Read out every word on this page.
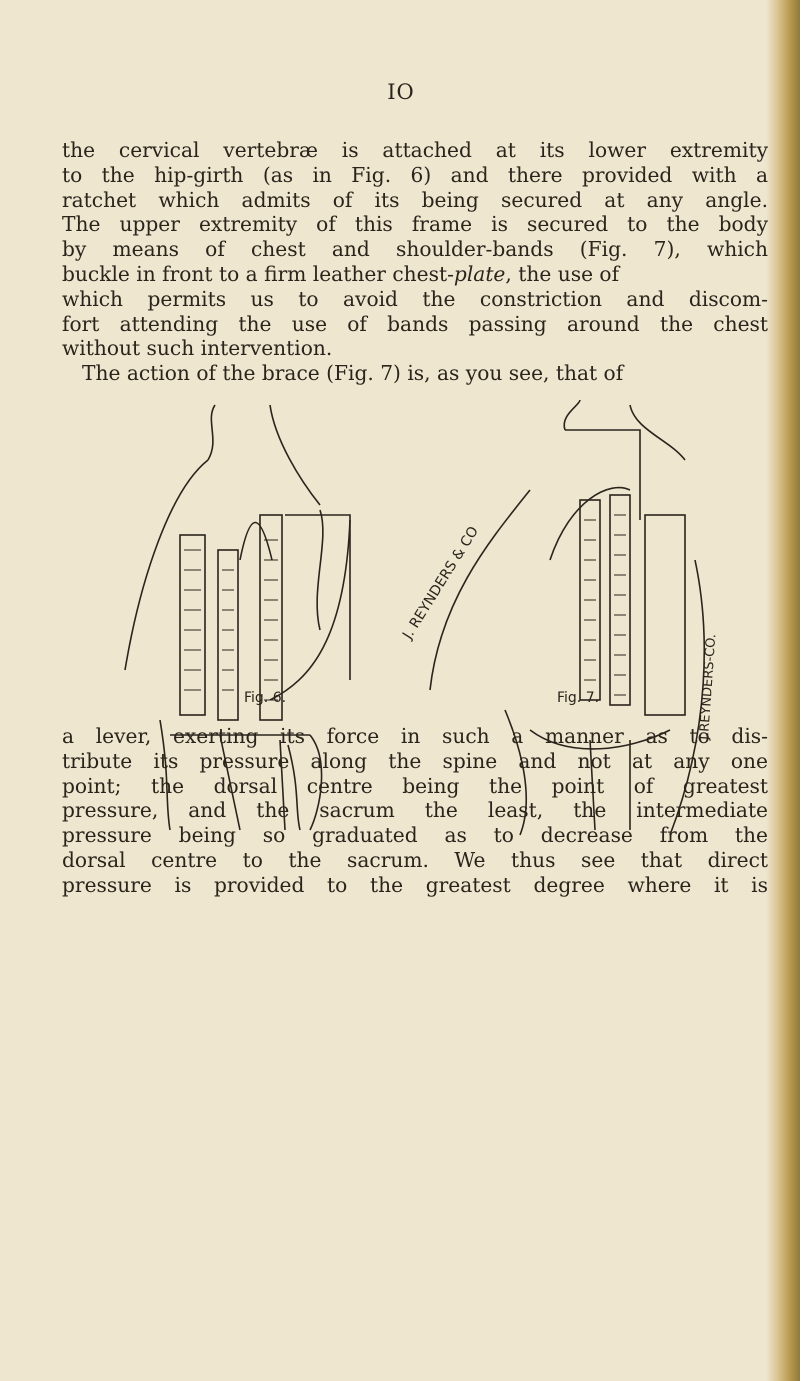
IO

the cervical vertebræ is attached at its lower extremity
to the hip-girth (as in Fig. 6) and there provided with a
ratchet which admits of its being secured at any angle.
The upper extremity of this frame is secured to the body
by means of chest and shoulder-bands (Fig. 7), which
buckle in front to a firm leather chest-plate, the use of
which permits us to avoid the constriction and discom-
fort attending the use of bands passing around the chest
without such intervention.
The action of the brace (Fig. 7) is, as you see, that of

J. REYNDERS & CO
J.REYNDERS-CO.
Fig. 6.	Fig. 7.

a lever, exerting its force in such a manner as to dis-
tribute its pressure along the spine and not at any one
point; the dorsal centre being the point of greatest
pressure, and the sacrum the least, the intermediate
pressure being so graduated as to decrease from the
dorsal centre to the sacrum. We thus see that direct
pressure is provided to the greatest degree where it is
